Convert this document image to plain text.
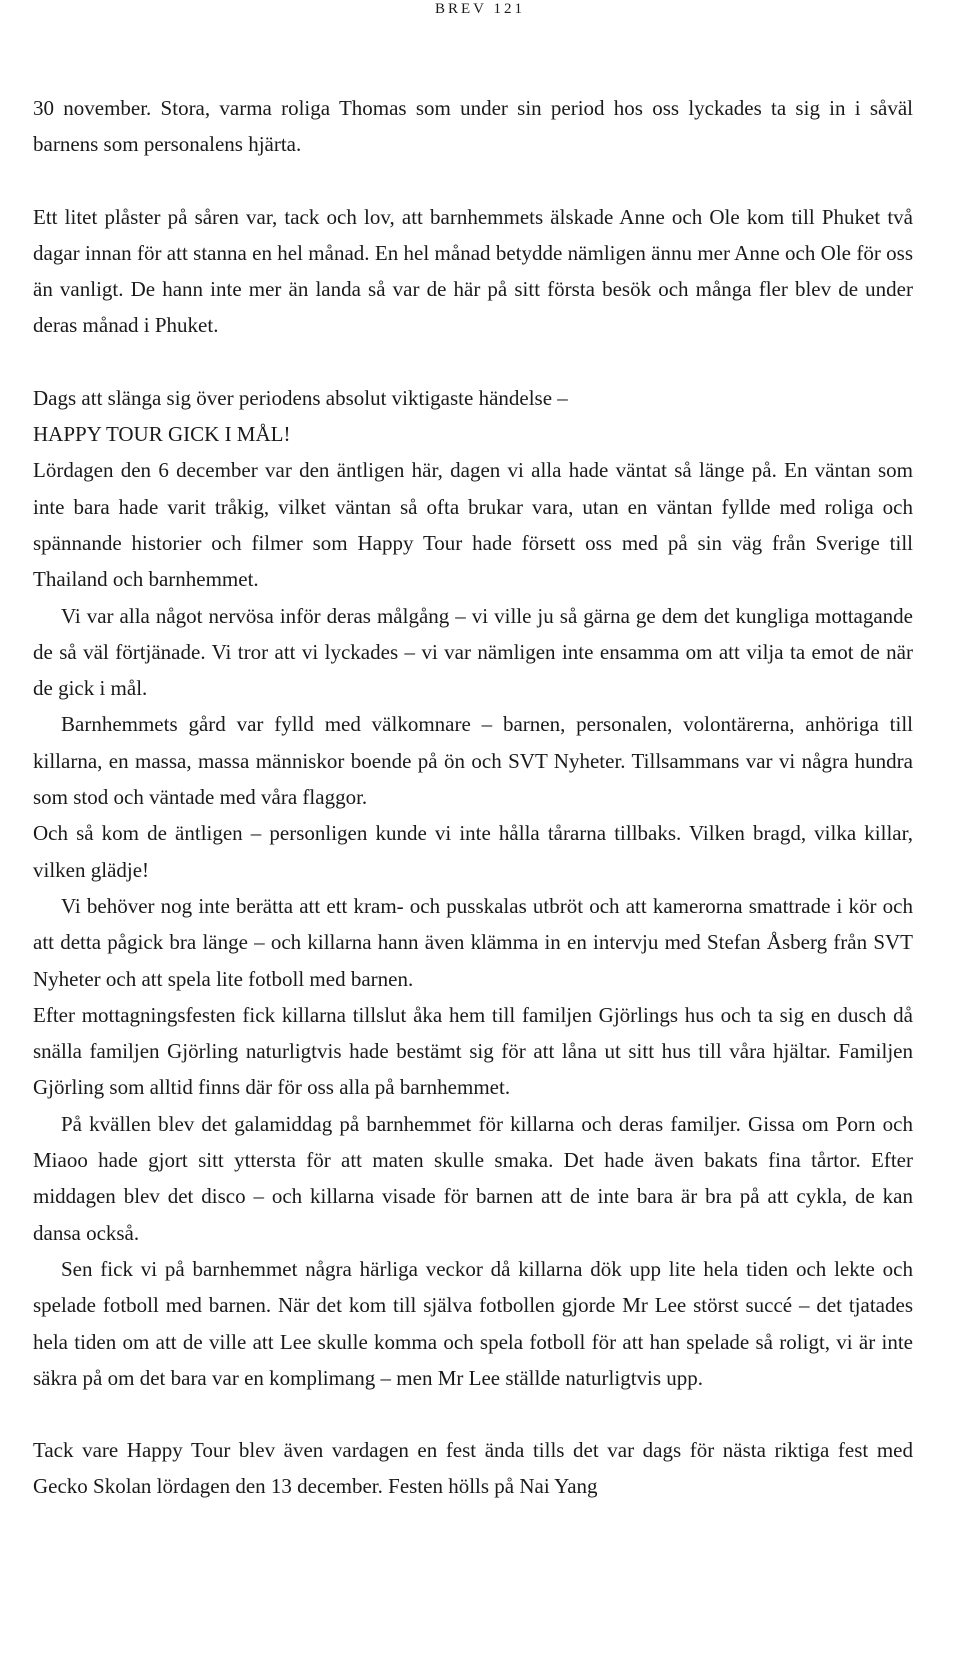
BREV 121

30 november. Stora, varma roliga Thomas som under sin period hos oss lyckades ta sig in i såväl barnens som personalens hjärta.

Ett litet plåster på såren var, tack och lov, att barnhemmets älskade Anne och Ole kom till Phuket två dagar innan för att stanna en hel månad. En hel månad betydde nämligen ännu mer Anne och Ole för oss än vanligt. De hann inte mer än landa så var de här på sitt första besök och många fler blev de under deras månad i Phuket.

Dags att slänga sig över periodens absolut viktigaste händelse –

HAPPY TOUR GICK I MÅL!

Lördagen den 6 december var den äntligen här, dagen vi alla hade väntat så länge på. En väntan som inte bara hade varit tråkig, vilket väntan så ofta brukar vara, utan en väntan fyllde med roliga och spännande historier och filmer som Happy Tour hade försett oss med på sin väg från Sverige till Thailand och barnhemmet.

Vi var alla något nervösa inför deras målgång – vi ville ju så gärna ge dem det kungliga mottagande de så väl förtjänade. Vi tror att vi lyckades – vi var nämligen inte ensamma om att vilja ta emot de när de gick i mål.

Barnhemmets gård var fylld med välkomnare – barnen, personalen, volontärerna, anhöriga till killarna, en massa, massa människor boende på ön och SVT Nyheter. Tillsammans var vi några hundra som stod och väntade med våra flaggor.

Och så kom de äntligen – personligen kunde vi inte hålla tårarna tillbaks. Vilken bragd, vilka killar, vilken glädje!

Vi behöver nog inte berätta att ett kram- och pusskalas utbröt och att kamerorna smattrade i kör och att detta pågick bra länge – och killarna hann även klämma in en intervju med Stefan Åsberg från SVT Nyheter och att spela lite fotboll med barnen.

Efter mottagningsfesten fick killarna tillslut åka hem till familjen Gjörlings hus och ta sig en dusch då snälla familjen Gjörling naturligtvis hade bestämt sig för att låna ut sitt hus till våra hjältar. Familjen Gjörling som alltid finns där för oss alla på barnhemmet.

På kvällen blev det galamiddag på barnhemmet för killarna och deras familjer. Gissa om Porn och Miaoo hade gjort sitt yttersta för att maten skulle smaka. Det hade även bakats fina tårtor. Efter middagen blev det disco – och killarna visade för barnen att de inte bara är bra på att cykla, de kan dansa också.

Sen fick vi på barnhemmet några härliga veckor då killarna dök upp lite hela tiden och lekte och spelade fotboll med barnen. När det kom till själva fotbollen gjorde Mr Lee störst succé – det tjatades hela tiden om att de ville att Lee skulle komma och spela fotboll för att han spelade så roligt, vi är inte säkra på om det bara var en komplimang – men Mr Lee ställde naturligtvis upp.

Tack vare Happy Tour blev även vardagen en fest ända tills det var dags för nästa riktiga fest med Gecko Skolan lördagen den 13 december. Festen hölls på Nai Yang
